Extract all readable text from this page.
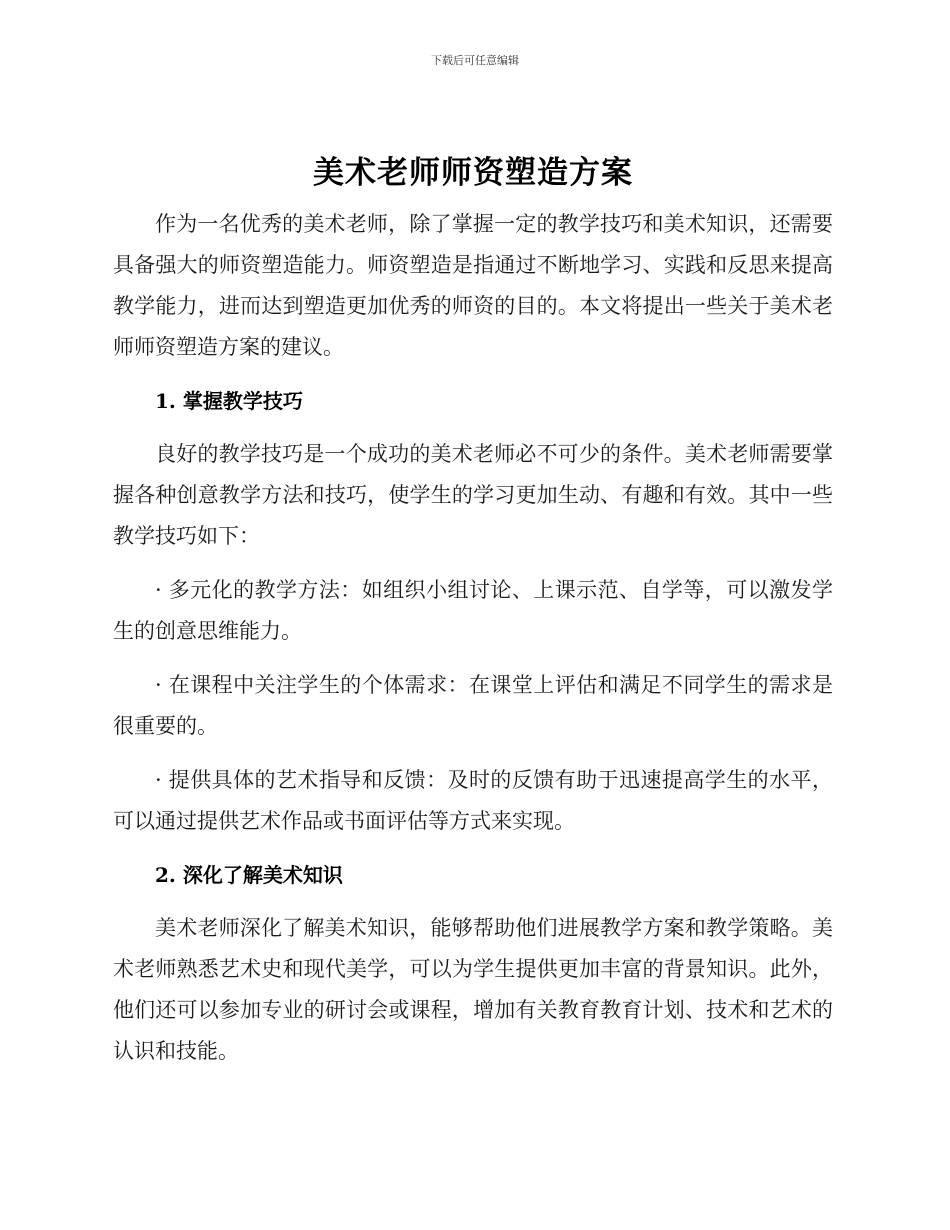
下载后可任意编辑
美术老师师资塑造方案

作为一名优秀的美术老师，除了掌握一定的教学技巧和美术知识，还需要具备强大的师资塑造能力。师资塑造是指通过不断地学习、实践和反思来提高教学能力，进而达到塑造更加优秀的师资的目的。本文将提出一些关于美术老师师资塑造方案的建议。

1. 掌握教学技巧

良好的教学技巧是一个成功的美术老师必不可少的条件。美术老师需要掌握各种创意教学方法和技巧，使学生的学习更加生动、有趣和有效。其中一些教学技巧如下：

· 多元化的教学方法：如组织小组讨论、上课示范、自学等，可以激发学生的创意思维能力。

· 在课程中关注学生的个体需求：在课堂上评估和满足不同学生的需求是很重要的。

· 提供具体的艺术指导和反馈：及时的反馈有助于迅速提高学生的水平，可以通过提供艺术作品或书面评估等方式来实现。

2. 深化了解美术知识

美术老师深化了解美术知识，能够帮助他们进展教学方案和教学策略。美术老师熟悉艺术史和现代美学，可以为学生提供更加丰富的背景知识。此外，他们还可以参加专业的研讨会或课程，增加有关教育教育计划、技术和艺术的认识和技能。
